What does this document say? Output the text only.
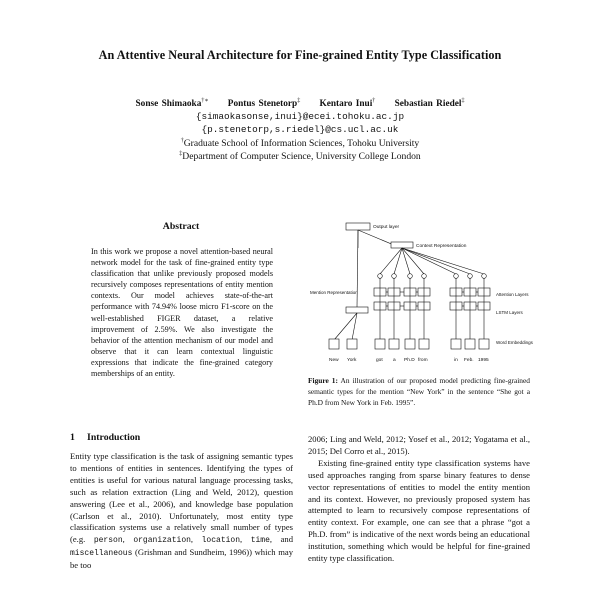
An Attentive Neural Architecture for Fine-grained Entity Type Classification
Sonse Shimaoka†∗ Pontus Stenetorp‡ Kentaro Inui† Sebastian Riedel‡
{simaokasonse,inui}@ecei.tohoku.ac.jp
{p.stenetorp,s.riedel}@cs.ucl.ac.uk
†Graduate School of Information Sciences, Tohoku University
‡Department of Computer Science, University College London
Abstract
In this work we propose a novel attention-based neural network model for the task of fine-grained entity type classification that unlike previously proposed models recursively composes representations of entity mention contexts. Our model achieves state-of-the-art performance with 74.94% loose micro F1-score on the well-established FIGER dataset, a relative improvement of 2.59%. We also investigate the behavior of the attention mechanism of our model and observe that it can learn contextual linguistic expressions that indicate the fine-grained category memberships of an entity.
1 Introduction
Entity type classification is the task of assigning semantic types to mentions of entities in sentences. Identifying the types of entities is useful for various natural language processing tasks, such as relation extraction (Ling and Weld, 2012), question answering (Lee et al., 2006), and knowledge base population (Carlson et al., 2010). Unfortunately, most entity type classification systems use a relatively small number of types (e.g. person, organization, location, time, and miscellaneous (Grishman and Sundheim, 1996)) which may be too
Output layer
Context Representation
Mention Representation	Attention Layers
LSTM Layers
Word Embeddings
New York	got a Ph.D from	in Feb. 1995
Figure 1: An illustration of our proposed model predicting fine-grained semantic types for the mention “New York” in the sentence “She got a Ph.D from New York in Feb. 1995”.

2006; Ling and Weld, 2012; Yosef et al., 2012; Yogatama et al., 2015; Del Corro et al., 2015).

Existing fine-grained entity type classification systems have used approaches ranging from sparse binary features to dense vector representations of entities to model the entity mention and its context. However, no previously proposed system has attempted to learn to recursively compose representations of entity context. For example, one can see that a phrase “got a Ph.D. from” is indicative of the next words being an educational institution, something which would be helpful for fine-grained entity type classification.
